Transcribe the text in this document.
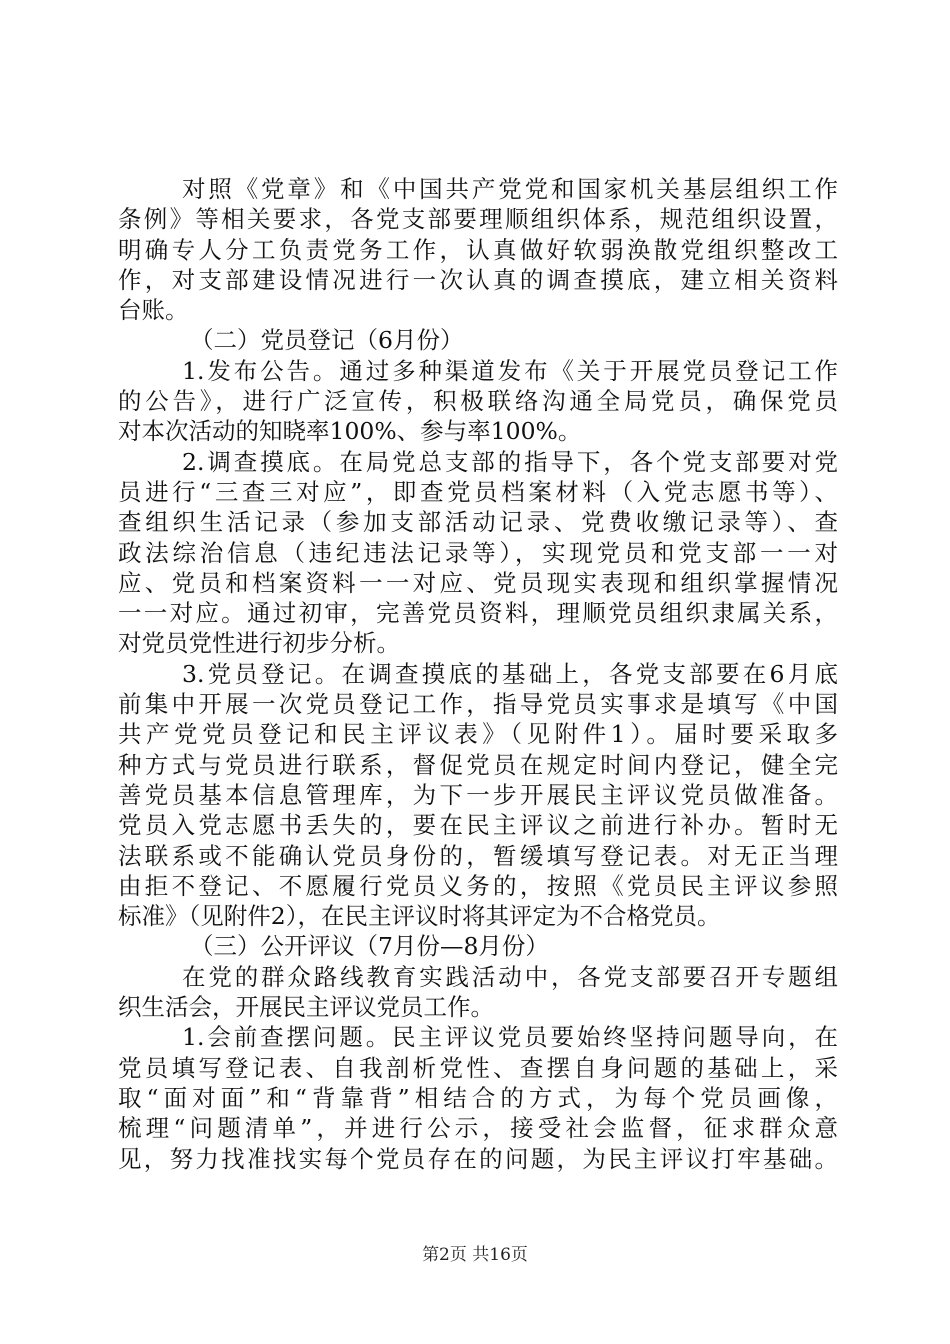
对照《党章》和《中国共产党党和国家机关基层组织工作
条例》等相关要求，各党支部要理顺组织体系，规范组织设置，
明确专人分工负责党务工作，认真做好软弱涣散党组织整改工
作，对支部建设情况进行一次认真的调查摸底，建立相关资料
台账。
（二）党员登记（6月份）
1.发布公告。通过多种渠道发布《关于开展党员登记工作
的公告》，进行广泛宣传，积极联络沟通全局党员，确保党员
对本次活动的知晓率100%、参与率100%。
2.调查摸底。在局党总支部的指导下，各个党支部要对党
员进行“三查三对应”，即查党员档案材料（入党志愿书等）、
查组织生活记录（参加支部活动记录、党费收缴记录等）、查
政法综治信息（违纪违法记录等），实现党员和党支部一一对
应、党员和档案资料一一对应、党员现实表现和组织掌握情况
一一对应。通过初审，完善党员资料，理顺党员组织隶属关系，
对党员党性进行初步分析。
3.党员登记。在调查摸底的基础上，各党支部要在6月底
前集中开展一次党员登记工作，指导党员实事求是填写《中国
共产党党员登记和民主评议表》（见附件1）。届时要采取多
种方式与党员进行联系，督促党员在规定时间内登记，健全完
善党员基本信息管理库，为下一步开展民主评议党员做准备。
党员入党志愿书丢失的，要在民主评议之前进行补办。暂时无
法联系或不能确认党员身份的，暂缓填写登记表。对无正当理
由拒不登记、不愿履行党员义务的，按照《党员民主评议参照
标准》（见附件2），在民主评议时将其评定为不合格党员。
（三）公开评议（7月份—8月份）
在党的群众路线教育实践活动中，各党支部要召开专题组
织生活会，开展民主评议党员工作。
1.会前查摆问题。民主评议党员要始终坚持问题导向，在
党员填写登记表、自我剖析党性、查摆自身问题的基础上，采
取“面对面”和“背靠背”相结合的方式，为每个党员画像，
梳理“问题清单”，并进行公示，接受社会监督，征求群众意
见，努力找准找实每个党员存在的问题，为民主评议打牢基础。
第2页 共16页
